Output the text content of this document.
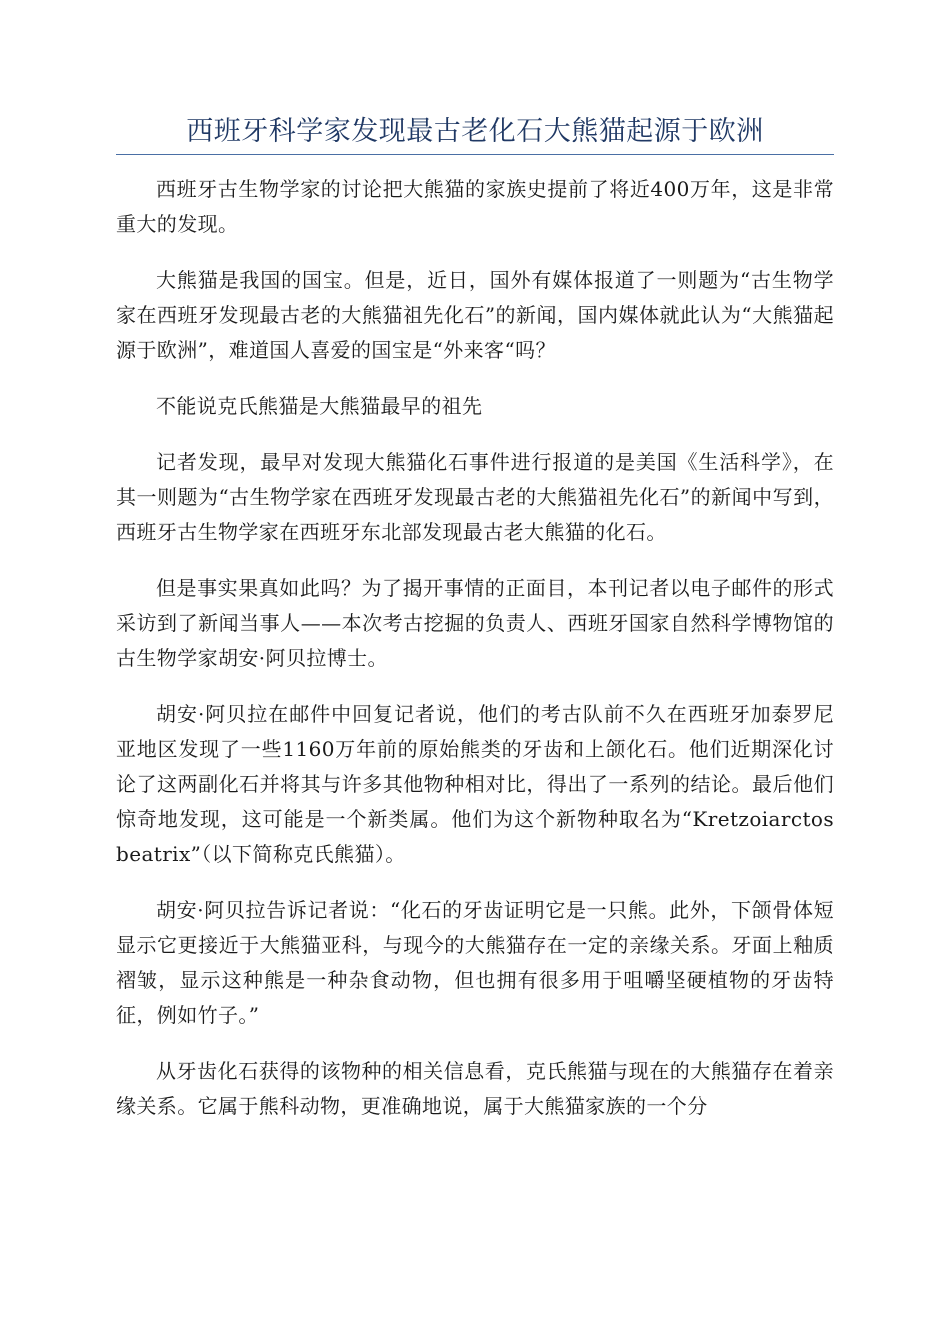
西班牙科学家发现最古老化石大熊猫起源于欧洲

西班牙古生物学家的讨论把大熊猫的家族史提前了将近400万年，这是非常重大的发现。

大熊猫是我国的国宝。但是，近日，国外有媒体报道了一则题为“古生物学家在西班牙发现最古老的大熊猫祖先化石”的新闻，国内媒体就此认为“大熊猫起源于欧洲”，难道国人喜爱的国宝是“外来客“吗？

不能说克氏熊猫是大熊猫最早的祖先

记者发现，最早对发现大熊猫化石事件进行报道的是美国《生活科学》，在其一则题为“古生物学家在西班牙发现最古老的大熊猫祖先化石”的新闻中写到，西班牙古生物学家在西班牙东北部发现最古老大熊猫的化石。

但是事实果真如此吗？为了揭开事情的正面目，本刊记者以电子邮件的形式采访到了新闻当事人——本次考古挖掘的负责人、西班牙国家自然科学博物馆的古生物学家胡安·阿贝拉博士。

胡安·阿贝拉在邮件中回复记者说，他们的考古队前不久在西班牙加泰罗尼亚地区发现了一些1160万年前的原始熊类的牙齿和上颌化石。他们近期深化讨论了这两副化石并将其与许多其他物种相对比，得出了一系列的结论。最后他们惊奇地发现，这可能是一个新类属。他们为这个新物种取名为“Kretzoiarctos　beatrix”（以下简称克氏熊猫）。

胡安·阿贝拉告诉记者说：“化石的牙齿证明它是一只熊。此外，下颌骨体短显示它更接近于大熊猫亚科，与现今的大熊猫存在一定的亲缘关系。牙面上釉质褶皱，显示这种熊是一种杂食动物，但也拥有很多用于咀嚼坚硬植物的牙齿特征，例如竹子。”

从牙齿化石获得的该物种的相关信息看，克氏熊猫与现在的大熊猫存在着亲缘关系。它属于熊科动物，更准确地说，属于大熊猫家族的一个分
